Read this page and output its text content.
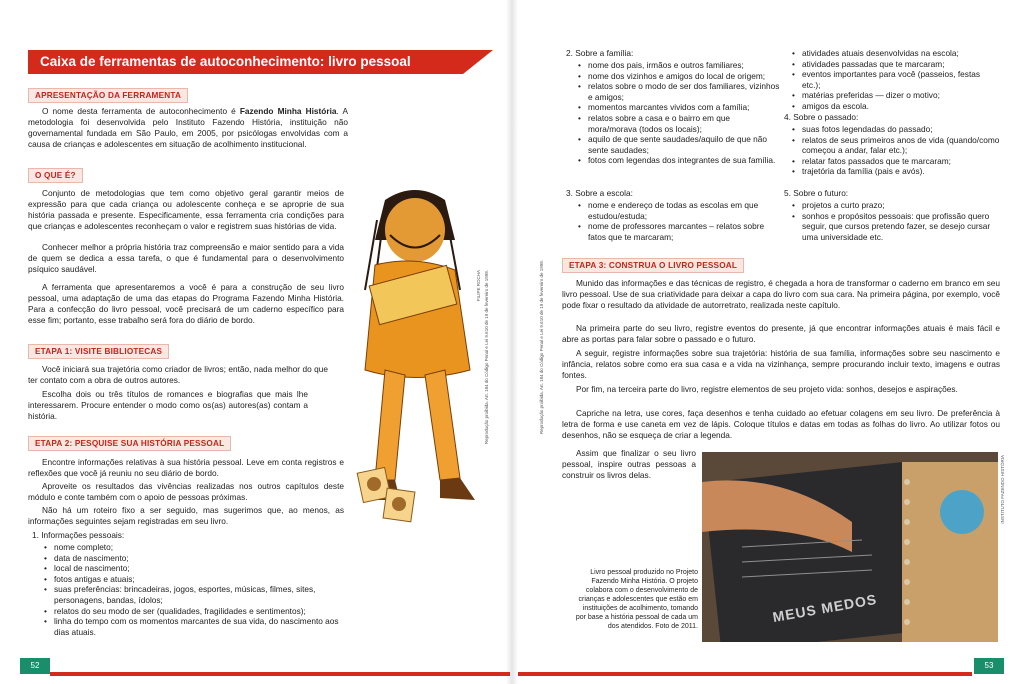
Caixa de ferramentas de autoconhecimento: livro pessoal
APRESENTAÇÃO DA FERRAMENTA

O nome desta ferramenta de autoconhecimento é Fazendo Minha História. A metodologia foi desenvolvida pelo Instituto Fazendo História, instituição não governamental fundada em São Paulo, em 2005, por psicólogas envolvidas com a causa de crianças e adolescentes em situação de acolhimento institucional.

O QUE É?

Conjunto de metodologias que tem como objetivo geral garantir meios de expressão para que cada criança ou adolescente conheça e se aproprie de sua história passada e presente. Especificamente, essa ferramenta cria condições para que crianças e adolescentes reconheçam o valor e registrem suas histórias de vida.

Conhecer melhor a própria história traz compreensão e maior sentido para a vida de quem se dedica a essa tarefa, o que é fundamental para o desenvolvimento psíquico saudável.

A ferramenta que apresentaremos a você é para a construção de seu livro pessoal, uma adaptação de uma das etapas do Programa Fazendo Minha História. Para a confecção do livro pessoal, você precisará de um caderno específico para esse fim; portanto, esse trabalho será fora do diário de bordo.

ETAPA 1: VISITE BIBLIOTECAS

Você iniciará sua trajetória como criador de livros; então, nada melhor do que ter contato com a obra de outros autores.

Escolha dois ou três títulos de romances e biografias que mais lhe interessarem. Procure entender o modo como os(as) autores(as) contam a história.

ETAPA 2: PESQUISE SUA HISTÓRIA PESSOAL

Encontre informações relativas à sua história pessoal. Leve em conta registros e reflexões que você já reuniu no seu diário de bordo.

Aproveite os resultados das vivências realizadas nos outros capítulos deste módulo e conte também com o apoio de pessoas próximas.

Não há um roteiro fixo a ser seguido, mas sugerimos que, ao menos, as informações seguintes sejam registradas em seu livro.

1. Informações pessoais:
• nome completo;
• data de nascimento;
• local de nascimento;
• fotos antigas e atuais;
• suas preferências: brincadeiras, jogos, esportes, músicas, filmes, sites, personagens, bandas, ídolos;
• relatos do seu modo de ser (qualidades, fragilidades e sentimentos);
• linha do tempo com os momentos marcantes de sua vida, do nascimento aos dias atuais.
FILIPE ROCHA Reprodução proibida. Art. 184 do Código Penal e Lei 9.610 de 19 de fevereiro de 1998.
52
2. Sobre a família:
• nome dos pais, irmãos e outros familiares;
• nome dos vizinhos e amigos do local de origem;
• relatos sobre o modo de ser dos familiares, vizinhos e amigos;
• momentos marcantes vividos com a família;
• relatos sobre a casa e o bairro em que mora/morava (todos os locais);
• aquilo de que sente saudades/aquilo de que não sente saudades;
• fotos com legendas dos integrantes de sua família.
3. Sobre a escola:
• nome e endereço de todas as escolas em que estudou/estuda;
• nome de professores marcantes – relatos sobre fatos que te marcaram;
• atividades atuais desenvolvidas na escola;
• atividades passadas que te marcaram;
• eventos importantes para você (passeios, festas etc.);
• matérias preferidas — dizer o motivo;
• amigos da escola.
4. Sobre o passado:
• suas fotos legendadas do passado;
• relatos de seus primeiros anos de vida (quando/como começou a andar, falar etc.);
• relatar fatos passados que te marcaram;
• trajetória da família (pais e avós).
5. Sobre o futuro:
• projetos a curto prazo;
• sonhos e propósitos pessoais: que profissão quero seguir, que cursos pretendo fazer, se desejo cursar uma universidade etc.
ETAPA 3: CONSTRUA O LIVRO PESSOAL

Munido das informações e das técnicas de registro, é chegada a hora de transformar o caderno em branco em seu livro pessoal. Use de sua criatividade para deixar a capa do livro com sua cara. Na primeira página, por exemplo, você pode fixar o resultado da atividade de autorretrato, realizada neste capítulo.

Na primeira parte do seu livro, registre eventos do presente, já que encontrar informações atuais é mais fácil e abre as portas para falar sobre o passado e o futuro.

A seguir, registre informações sobre sua trajetória: história de sua família, informações sobre seu nascimento e infância, relatos sobre como era sua casa e a vida na vizinhança, sempre procurando incluir texto, imagens e outras fontes.

Por fim, na terceira parte do livro, registre elementos de seu projeto vida: sonhos, desejos e aspirações.

Capriche na letra, use cores, faça desenhos e tenha cuidado ao efetuar colagens em seu livro. De preferência à letra de forma e use caneta em vez de lápis. Coloque títulos e datas em todas as folhas do livro. Ao utilizar fotos ou desenhos, não se esqueça de criar a legenda.

Assim que finalizar o seu livro pessoal, inspire outras pessoas a construir os livros delas.

Reprodução proibida. Art. 184 do Código Penal e Lei 9.610 de 19 de fevereiro de 1998.
MEUS MEDOS
INSTITUTO FAZENDO HISTÓRIA
Livro pessoal produzido no Projeto Fazendo Minha História. O projeto colabora com o desenvolvimento de crianças e adolescentes que estão em instituições de acolhimento, tomando por base a história pessoal de cada um dos atendidos. Foto de 2011.
53
